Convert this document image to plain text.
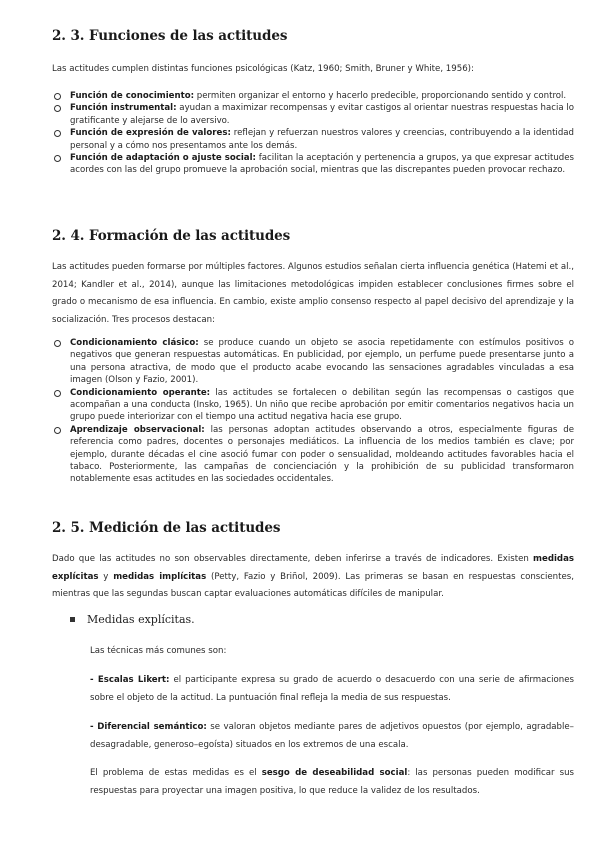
2. 3. Funciones de las actitudes

Las actitudes cumplen distintas funciones psicológicas (Katz, 1960; Smith, Bruner y White, 1956):

Función de conocimiento: permiten organizar el entorno y hacerlo predecible, proporcionando sentido y control.
Función instrumental: ayudan a maximizar recompensas y evitar castigos al orientar nuestras respuestas hacia lo gratificante y alejarse de lo aversivo.
Función de expresión de valores: reflejan y refuerzan nuestros valores y creencias, contribuyendo a la identidad personal y a cómo nos presentamos ante los demás.
Función de adaptación o ajuste social: facilitan la aceptación y pertenencia a grupos, ya que expresar actitudes acordes con las del grupo promueve la aprobación social, mientras que las discrepantes pueden provocar rechazo.
2. 4. Formación de las actitudes

Las actitudes pueden formarse por múltiples factores. Algunos estudios señalan cierta influencia genética (Hatemi et al., 2014; Kandler et al., 2014), aunque las limitaciones metodológicas impiden establecer conclusiones firmes sobre el grado o mecanismo de esa influencia. En cambio, existe amplio consenso respecto al papel decisivo del aprendizaje y la socialización. Tres procesos destacan:

Condicionamiento clásico: se produce cuando un objeto se asocia repetidamente con estímulos positivos o negativos que generan respuestas automáticas. En publicidad, por ejemplo, un perfume puede presentarse junto a una persona atractiva, de modo que el producto acabe evocando las sensaciones agradables vinculadas a esa imagen (Olson y Fazio, 2001).
Condicionamiento operante: las actitudes se fortalecen o debilitan según las recompensas o castigos que acompañan a una conducta (Insko, 1965). Un niño que recibe aprobación por emitir comentarios negativos hacia un grupo puede interiorizar con el tiempo una actitud negativa hacia ese grupo.
Aprendizaje observacional: las personas adoptan actitudes observando a otros, especialmente figuras de referencia como padres, docentes o personajes mediáticos. La influencia de los medios también es clave; por ejemplo, durante décadas el cine asoció fumar con poder o sensualidad, moldeando actitudes favorables hacia el tabaco. Posteriormente, las campañas de concienciación y la prohibición de su publicidad transformaron notablemente esas actitudes en las sociedades occidentales.
2. 5. Medición de las actitudes

Dado que las actitudes no son observables directamente, deben inferirse a través de indicadores. Existen medidas explícitas y medidas implícitas (Petty, Fazio y Briñol, 2009). Las primeras se basan en respuestas conscientes, mientras que las segundas buscan captar evaluaciones automáticas difíciles de manipular.

Medidas explícitas.

Las técnicas más comunes son:

- Escalas Likert: el participante expresa su grado de acuerdo o desacuerdo con una serie de afirmaciones sobre el objeto de la actitud. La puntuación final refleja la media de sus respuestas.

- Diferencial semántico: se valoran objetos mediante pares de adjetivos opuestos (por ejemplo, agradable–desagradable, generoso–egoísta) situados en los extremos de una escala.

El problema de estas medidas es el sesgo de deseabilidad social: las personas pueden modificar sus respuestas para proyectar una imagen positiva, lo que reduce la validez de los resultados.
